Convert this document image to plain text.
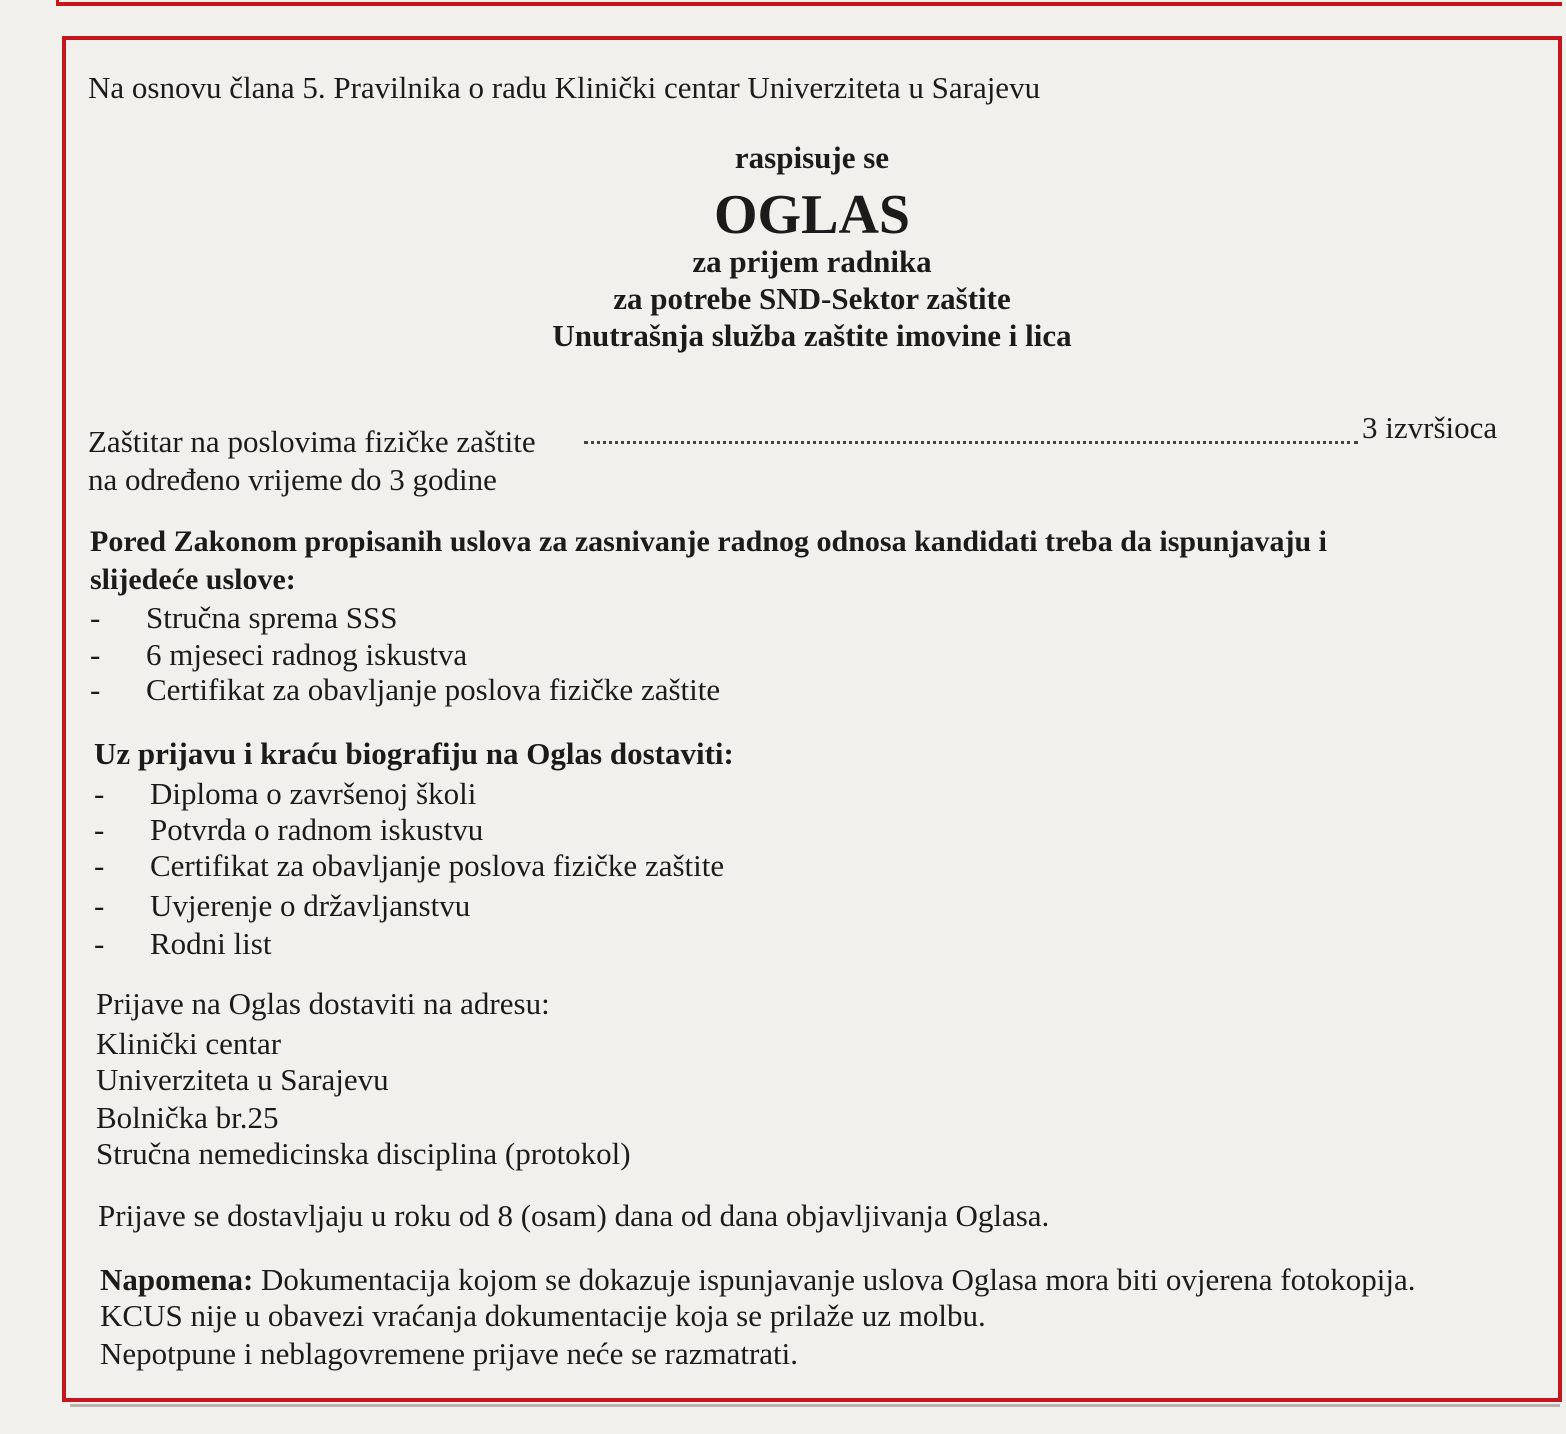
Na osnovu člana 5. Pravilnika o radu Klinički centar Univerziteta u Sarajevu
raspisuje se
OGLAS
za prijem radnika
za potrebe SND-Sektor zaštite
Unutrašnja služba zaštite imovine i lica
Zaštitar na poslovima fizičke zaštite	3 izvršioca
na određeno vrijeme do 3 godine
Pored Zakonom propisanih uslova za zasnivanje radnog odnosa kandidati treba da ispunjavaju i
slijedeće uslove:
- Stručna sprema SSS
- 6 mjeseci radnog iskustva
- Certifikat za obavljanje poslova fizičke zaštite
Uz prijavu i kraću biografiju na Oglas dostaviti:
- Diploma o završenoj školi
- Potvrda o radnom iskustvu
- Certifikat za obavljanje poslova fizičke zaštite
- Uvjerenje o državljanstvu
- Rodni list
Prijave na Oglas dostaviti na adresu:
Klinički centar
Univerziteta u Sarajevu
Bolnička br.25
Stručna nemedicinska disciplina (protokol)
Prijave se dostavljaju u roku od 8 (osam) dana od dana objavljivanja Oglasa.
Napomena: Dokumentacija kojom se dokazuje ispunjavanje uslova Oglasa mora biti ovjerena fotokopija.
KCUS nije u obavezi vraćanja dokumentacije koja se prilaže uz molbu.
Nepotpune i neblagovremene prijave neće se razmatrati.
